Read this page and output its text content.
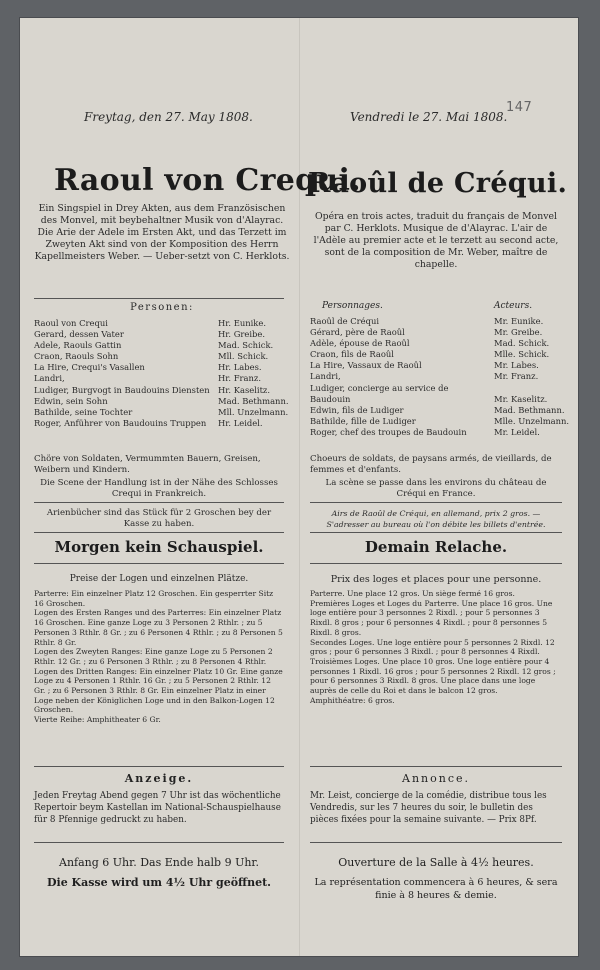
147
Freytag, den 27. May 1808.
Raoul von Crequi.
Ein Singspiel in Drey Akten, aus dem Französischen des Monvel, mit beybehaltner Musik von d'Alayrac. Die Arie der Adele im Ersten Akt, und das Terzett im Zweyten Akt sind von der Komposition des Herrn Kapellmeisters Weber. — Ueber-setzt von C. Herklots.
Personen:
Raoul von Crequi	Hr. Eunike.
Gerard, dessen Vater	Hr. Greibe.
Adele, Raouls Gattin	Mad. Schick.
Craon, Raouls Sohn	Mll. Schick.
La Hire, Crequi's Vasallen	Hr. Labes.
Landri,	Hr. Franz.
Ludiger, Burgvogt in Baudouins Diensten Hr. Kaselitz.
Edwin, sein Sohn	Mad. Bethmann.
Bathilde, seine Tochter	Mll. Unzelmann.
Roger, Anführer von Baudouins Truppen	Hr. Leidel.
Chöre von Soldaten, Vermummten Bauern, Greisen, Weibern und Kindern.
Die Scene der Handlung ist in der Nähe des Schlosses Crequi in Frankreich.
Arienbücher sind das Stück für 2 Groschen bey der Kasse zu haben.
Morgen kein Schauspiel.
Preise der Logen und einzelnen Plätze.
Parterre: Ein einzelner Platz 12 Groschen. Ein gesperrter Sitz 16 Groschen.
Logen des Ersten Ranges und des Parterres: Ein einzelner Platz 16 Groschen. Eine ganze Loge zu 3 Personen 2 Rthlr. ; zu 5 Personen 3 Rthlr. 8 Gr. ; zu 6 Personen 4 Rthlr. ; zu 8 Personen 5 Rthlr. 8 Gr.
Logen des Zweyten Ranges: Eine ganze Loge zu 5 Personen 2 Rthlr. 12 Gr. ; zu 6 Personen 3 Rthlr. ; zu 8 Personen 4 Rthlr.
Logen des Dritten Ranges: Ein einzelner Platz 10 Gr. Eine ganze Loge zu 4 Personen 1 Rthlr. 16 Gr. ; zu 5 Personen 2 Rthlr. 12 Gr. ; zu 6 Personen 3 Rthlr. 8 Gr. Ein einzelner Platz in einer Loge neben der Königlichen Loge und in den Balkon-Logen 12 Groschen.
Vierte Reihe: Amphitheater 6 Gr.
Anzeige.
Jeden Freytag Abend gegen 7 Uhr ist das wöchentliche Repertoir beym Kastellan im National-Schauspielhause für 8 Pfennige gedruckt zu haben.
Anfang 6 Uhr. Das Ende halb 9 Uhr.
Die Kasse wird um 4½ Uhr geöffnet.
Vendredi le 27. Mai 1808.
Raoûl de Créqui.
Opéra en trois actes, traduit du français de Monvel par C. Herklots. Musique de d'Alayrac. L'air de l'Adèle au premier acte et le terzett au second acte, sont de la composition de Mr. Weber, maître de chapelle.
Personnages.	Acteurs.
Raoûl de Créqui	Mr. Eunike.
Gérard, père de Raoûl	Mr. Greibe.
Adèle, épouse de Raoûl	Mad. Schick.
Craon, fils de Raoûl	Mlle. Schick.
La Hire, Vassaux de Raoûl	Mr. Labes.
Landri,	Mr. Franz.
Ludiger, concierge au service de Baudouin	Mr. Kaselitz.
Edwin, fils de Ludiger	Mad. Bethmann.
Bathilde, fille de Ludiger	Mlle. Unzelmann.
Roger, chef des troupes de Baudouin	Mr. Leidel.
Choeurs de soldats, de paysans armés, de vieillards, de femmes et d'enfants.
La scène se passe dans les environs du château de Créqui en France.
Airs de Raoûl de Créqui, en allemand, prix 2 gros. — S'adresser au bureau où l'on débite les billets d'entrée.
Demain Relache.
Prix des loges et places pour une personne.
Parterre. Une place 12 gros. Un siège fermé 16 gros.
Premières Loges et Loges du Parterre. Une place 16 gros. Une loge entière pour 3 personnes 2 Rixdl. ; pour 5 personnes 3 Rixdl. 8 gros ; pour 6 personnes 4 Rixdl. ; pour 8 personnes 5 Rixdl. 8 gros.
Secondes Loges. Une loge entière pour 5 personnes 2 Rixdl. 12 gros ; pour 6 personnes 3 Rixdl. ; pour 8 personnes 4 Rixdl.
Troisièmes Loges. Une place 10 gros. Une loge entière pour 4 personnes 1 Rixdl. 16 gros ; pour 5 personnes 2 Rixdl. 12 gros ; pour 6 personnes 3 Rixdl. 8 gros. Une place dans une loge auprès de celle du Roi et dans le balcon 12 gros.
Amphithéatre: 6 gros.
Annonce.
Mr. Leist, concierge de la comédie, distribue tous les Vendredis, sur les 7 heures du soir, le bulletin des pièces fixées pour la semaine suivante. — Prix 8Pf.
Ouverture de la Salle à 4½ heures.
La représentation commencera à 6 heures, & sera finie à 8 heures & demie.
